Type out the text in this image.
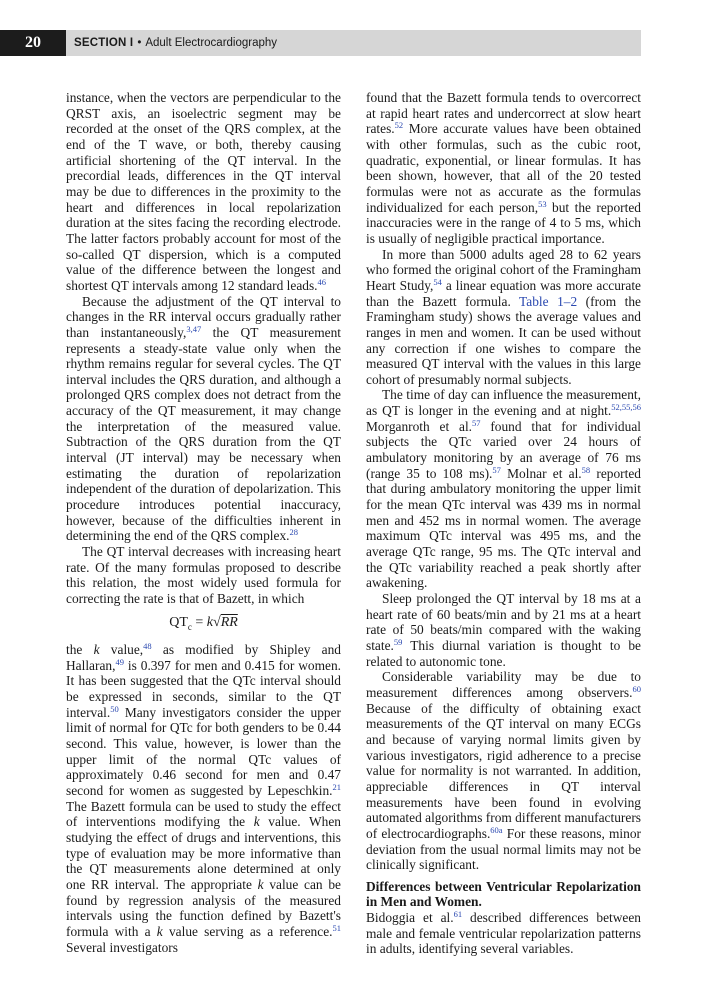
20	SECTION I • Adult Electrocardiography

instance, when the vectors are perpendicular to the QRST axis, an isoelectric segment may be recorded at the onset of the QRS complex, at the end of the T wave, or both, thereby causing artificial shortening of the QT interval. In the precordial leads, differences in the QT interval may be due to differences in the proximity to the heart and differences in local repolarization duration at the sites facing the recording electrode. The latter factors probably account for most of the so-called QT dispersion, which is a computed value of the difference between the longest and shortest QT intervals among 12 standard leads.$^{46}$

Because the adjustment of the QT interval to changes in the RR interval occurs gradually rather than instantaneously,$^{3,47}$ the QT measurement represents a steady-state value only when the rhythm remains regular for several cycles. The QT interval includes the QRS duration, and although a prolonged QRS complex does not detract from the accuracy of the QT measurement, it may change the interpretation of the measured value. Subtraction of the QRS duration from the QT interval (JT interval) may be necessary when estimating the duration of repolarization independent of the duration of depolarization. This procedure introduces potential inaccuracy, however, because of the difficulties inherent in determining the end of the QRS complex.$^{28}$

The QT interval decreases with increasing heart rate. Of the many formulas proposed to describe this relation, the most widely used formula for correcting the rate is that of Bazett, in which

$QT_c = k√RR$

the k value,$^{48}$ as modified by Shipley and Hallaran,$^{49}$ is 0.397 for men and 0.415 for women. It has been suggested that the QTc interval should be expressed in seconds, similar to the QT interval.$^{50}$ Many investigators consider the upper limit of normal for QTc for both genders to be 0.44 second. This value, however, is lower than the upper limit of the normal QTc values of approximately 0.46 second for men and 0.47 second for women as suggested by Lepeschkin.$^{21}$ The Bazett formula can be used to study the effect of interventions modifying the k value. When studying the effect of drugs and interventions, this type of evaluation may be more informative than the QT measurements alone determined at only one RR interval. The appropriate k value can be found by regression analysis of the measured intervals using the function defined by Bazett's formula with a k value serving as a reference.$^{51}$ Several investigators

found that the Bazett formula tends to overcorrect at rapid heart rates and undercorrect at slow heart rates.$^{52}$ More accurate values have been obtained with other formulas, such as the cubic root, quadratic, exponential, or linear formulas. It has been shown, however, that all of the 20 tested formulas were not as accurate as the formulas individualized for each person,$^{53}$ but the reported inaccuracies were in the range of 4 to 5 ms, which is usually of negligible practical importance.

In more than 5000 adults aged 28 to 62 years who formed the original cohort of the Framingham Heart Study,$^{54}$ a linear equation was more accurate than the Bazett formula. Table 1–2 (from the Framingham study) shows the average values and ranges in men and women. It can be used without any correction if one wishes to compare the measured QT interval with the values in this large cohort of presumably normal subjects.

The time of day can influence the measurement, as QT is longer in the evening and at night.$^{52,55,56}$ Morganroth et al.$^{57}$ found that for individual subjects the QTc varied over 24 hours of ambulatory monitoring by an average of 76 ms (range 35 to 108 ms).$^{57}$ Molnar et al.$^{58}$ reported that during ambulatory monitoring the upper limit for the mean QTc interval was 439 ms in normal men and 452 ms in normal women. The average maximum QTc interval was 495 ms, and the average QTc range, 95 ms. The QTc interval and the QTc variability reached a peak shortly after awakening.

Sleep prolonged the QT interval by 18 ms at a heart rate of 60 beats/min and by 21 ms at a heart rate of 50 beats/min compared with the waking state.$^{59}$ This diurnal variation is thought to be related to autonomic tone.

Considerable variability may be due to measurement differences among observers.$^{60}$ Because of the difficulty of obtaining exact measurements of the QT interval on many ECGs and because of varying normal limits given by various investigators, rigid adherence to a precise value for normality is not warranted. In addition, appreciable differences in QT interval measurements have been found in evolving automated algorithms from different manufacturers of electrocardiographs.$^{60a}$ For these reasons, minor deviation from the usual normal limits may not be clinically significant.

Differences between Ventricular Repolarization in Men and Women.

Bidoggia et al.$^{61}$ described differences between male and female ventricular repolarization patterns in adults, identifying several variables.
